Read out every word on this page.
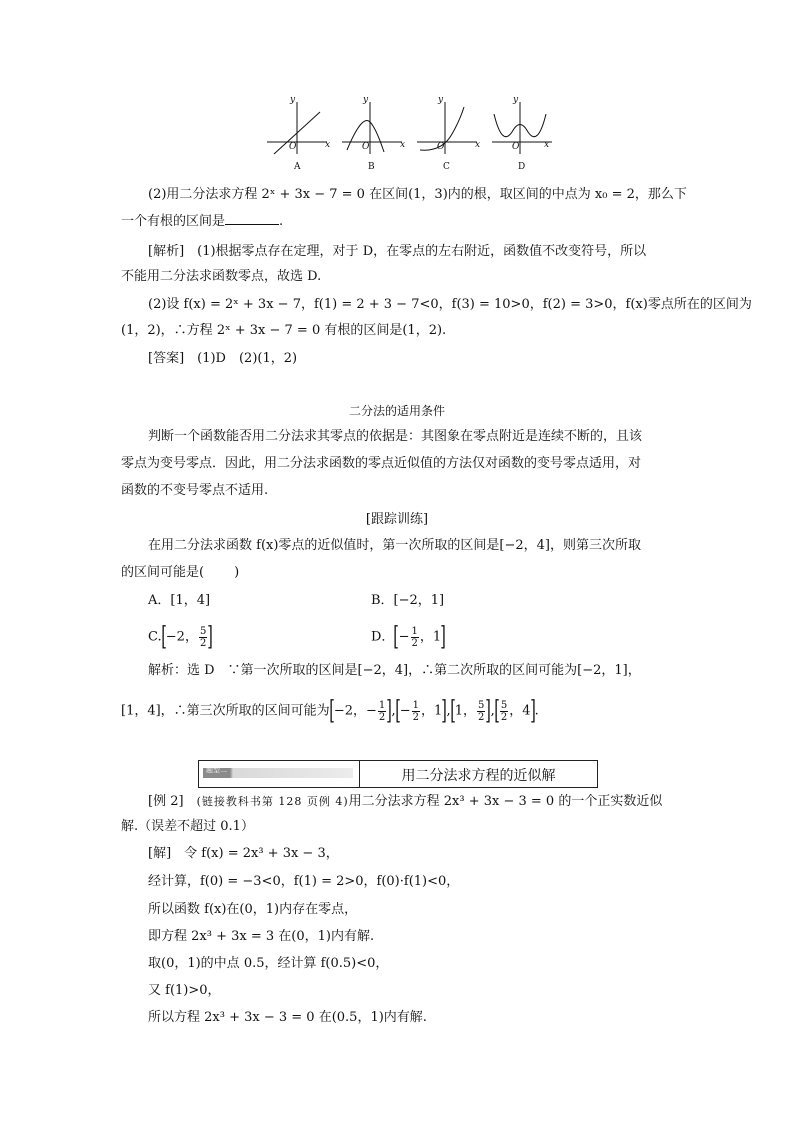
y
x
O
y
x
O
y
x
O
y
x
O
A	B	C	D
(2)用二分法求方程 2ˣ + 3x − 7 = 0 在区间(1，3)内的根，取区间的中点为 x₀ = 2，那么下
一个有根的区间是	.
[解析]　(1)根据零点存在定理，对于 D，在零点的左右附近，函数值不改变符号，所以
不能用二分法求函数零点，故选 D.
(2)设 f(x) = 2ˣ + 3x − 7，f(1) = 2 + 3 − 7<0，f(3) = 10>0，f(2) = 3>0，f(x)零点所在的区间为
(1，2)，∴方程 2ˣ + 3x − 7 = 0 有根的区间是(1，2).
[答案]　(1)D　(2)(1，2)
二分法的适用条件
判断一个函数能否用二分法求其零点的依据是：其图象在零点附近是连续不断的，且该
零点为变号零点．因此，用二分法求函数的零点近似值的方法仅对函数的变号零点适用，对
函数的不变号零点不适用.
[跟踪训练]
在用二分法求函数 f(x)零点的近似值时，第一次所取的区间是[−2，4]，则第三次所取
的区间可能是( )
A．[1，4]	B．[−2，1]
C.[−2， $\frac{5}{2}$ ]	D．[− $\frac{1}{2}$ ，1]
解析：选 D　∵第一次所取的区间是[−2，4]，∴第二次所取的区间可能为[−2，1]，
[1，4]，∴第三次所取的区间可能为[−2，− $\frac{1}{2}$ ],[− $\frac{1}{2}$ ，1],[1， $\frac{5}{2}$ ],[ $\frac{5}{2}$ ，4].
题型二	用二分法求方程的近似解
[例 2]　(链接教科书第 128 页例 4)用二分法求方程 2x³ + 3x − 3 = 0 的一个正实数近似
解.（误差不超过 0.1）
[解]　令 f(x) = 2x³ + 3x − 3，
经计算，f(0) = −3<0，f(1) = 2>0，f(0)·f(1)<0，
所以函数 f(x)在(0，1)内存在零点，
即方程 2x³ + 3x = 3 在(0，1)内有解.
取(0，1)的中点 0.5，经计算 f(0.5)<0，
又 f(1)>0，
所以方程 2x³ + 3x − 3 = 0 在(0.5，1)内有解.
